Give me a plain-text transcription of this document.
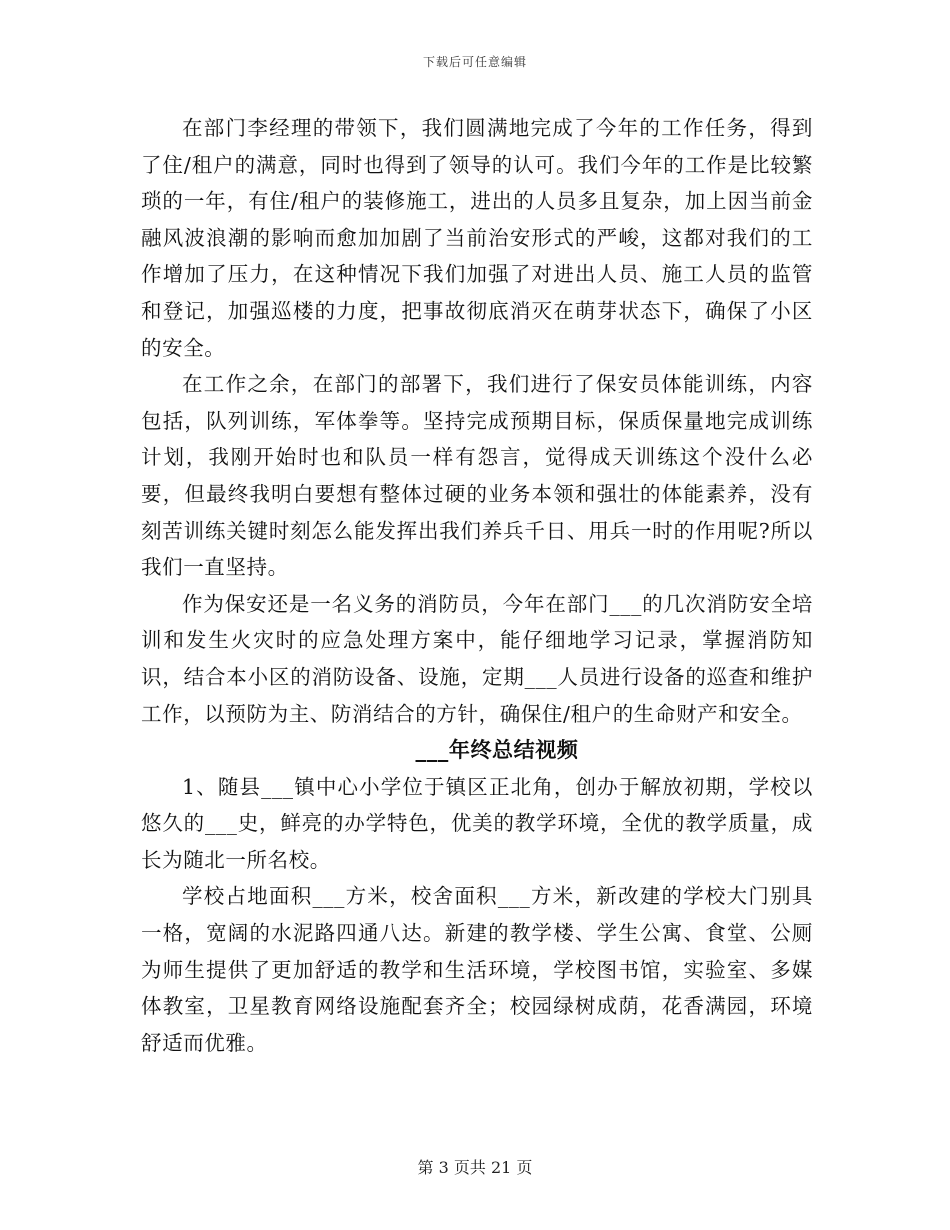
下载后可任意编辑

在部门李经理的带领下，我们圆满地完成了今年的工作任务，得到了住/租户的满意，同时也得到了领导的认可。我们今年的工作是比较繁琐的一年，有住/租户的装修施工，进出的人员多且复杂，加上因当前金融风波浪潮的影响而愈加加剧了当前治安形式的严峻，这都对我们的工作增加了压力，在这种情况下我们加强了对进出人员、施工人员的监管和登记，加强巡楼的力度，把事故彻底消灭在萌芽状态下，确保了小区的安全。

在工作之余，在部门的部署下，我们进行了保安员体能训练，内容包括，队列训练，军体拳等。坚持完成预期目标，保质保量地完成训练计划，我刚开始时也和队员一样有怨言，觉得成天训练这个没什么必要，但最终我明白要想有整体过硬的业务本领和强壮的体能素养，没有刻苦训练关键时刻怎么能发挥出我们养兵千日、用兵一时的作用呢?所以我们一直坚持。

作为保安还是一名义务的消防员，今年在部门___的几次消防安全培训和发生火灾时的应急处理方案中，能仔细地学习记录，掌握消防知识，结合本小区的消防设备、设施，定期___人员进行设备的巡查和维护工作，以预防为主、防消结合的方针，确保住/租户的生命财产和安全。

___年终总结视频

1、随县___镇中心小学位于镇区正北角，创办于解放初期，学校以悠久的___史，鲜亮的办学特色，优美的教学环境，全优的教学质量，成长为随北一所名校。

学校占地面积___方米，校舍面积___方米，新改建的学校大门别具一格，宽阔的水泥路四通八达。新建的教学楼、学生公寓、食堂、公厕为师生提供了更加舒适的教学和生活环境，学校图书馆，实验室、多媒体教室，卫星教育网络设施配套齐全；校园绿树成荫，花香满园，环境舒适而优雅。

第 3 页共 21 页
